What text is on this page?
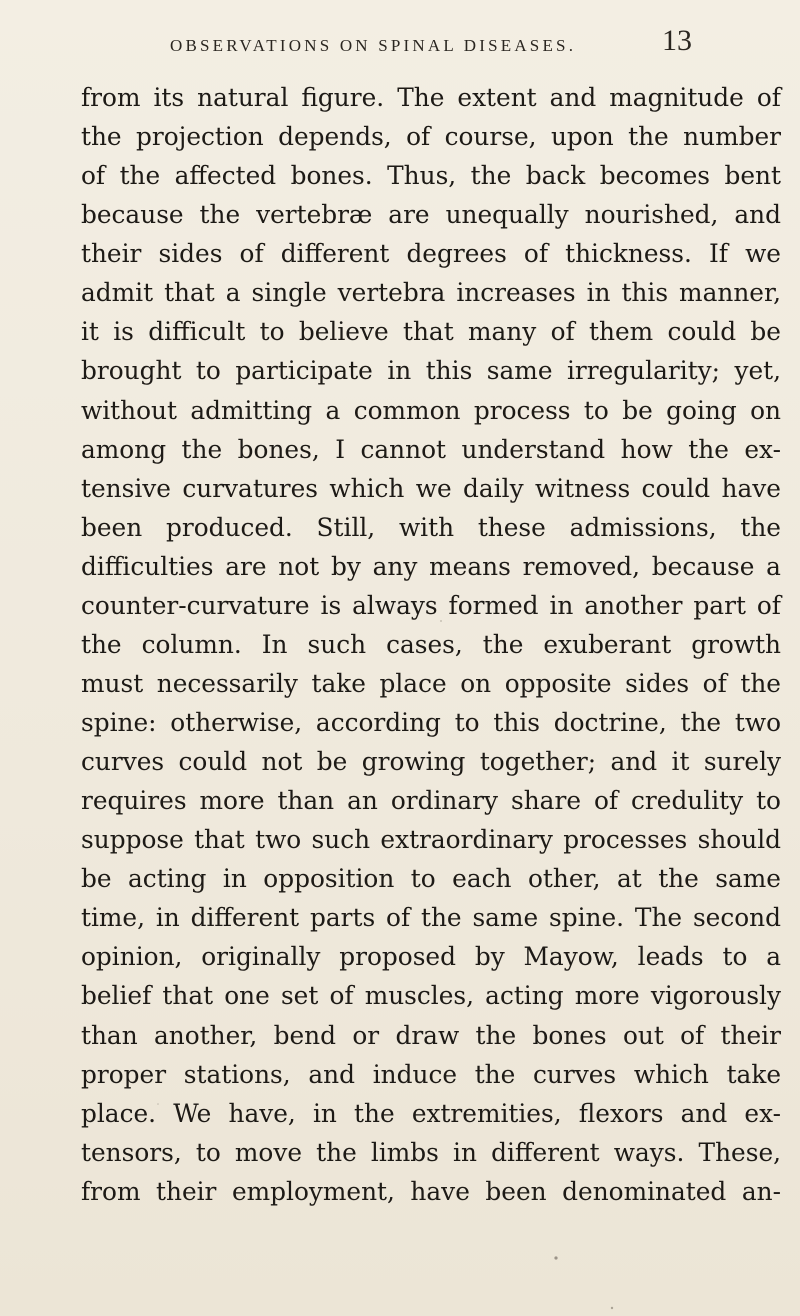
OBSERVATIONS ON SPINAL DISEASES.	13
from its natural figure. The extent and magnitude of
the projection depends, of course, upon the number
of the affected bones. Thus, the back becomes bent
because the vertebræ are unequally nourished, and
their sides of different degrees of thickness. If we
admit that a single vertebra increases in this manner,
it is difficult to believe that many of them could be
brought to participate in this same irregularity; yet,
without admitting a common process to be going on
among the bones, I cannot understand how the ex-
tensive curvatures which we daily witness could have
been produced. Still, with these admissions, the
difficulties are not by any means removed, because a
counter-curvature is always formed in another part of
the column. In such cases, the exuberant growth
must necessarily take place on opposite sides of the
spine: otherwise, according to this doctrine, the two
curves could not be growing together; and it surely
requires more than an ordinary share of credulity to
suppose that two such extraordinary processes should
be acting in opposition to each other, at the same
time, in different parts of the same spine. The second
opinion, originally proposed by Mayow, leads to a
belief that one set of muscles, acting more vigorously
than another, bend or draw the bones out of their
proper stations, and induce the curves which take
place. We have, in the extremities, flexors and ex-
tensors, to move the limbs in different ways. These,
from their employment, have been denominated an-
